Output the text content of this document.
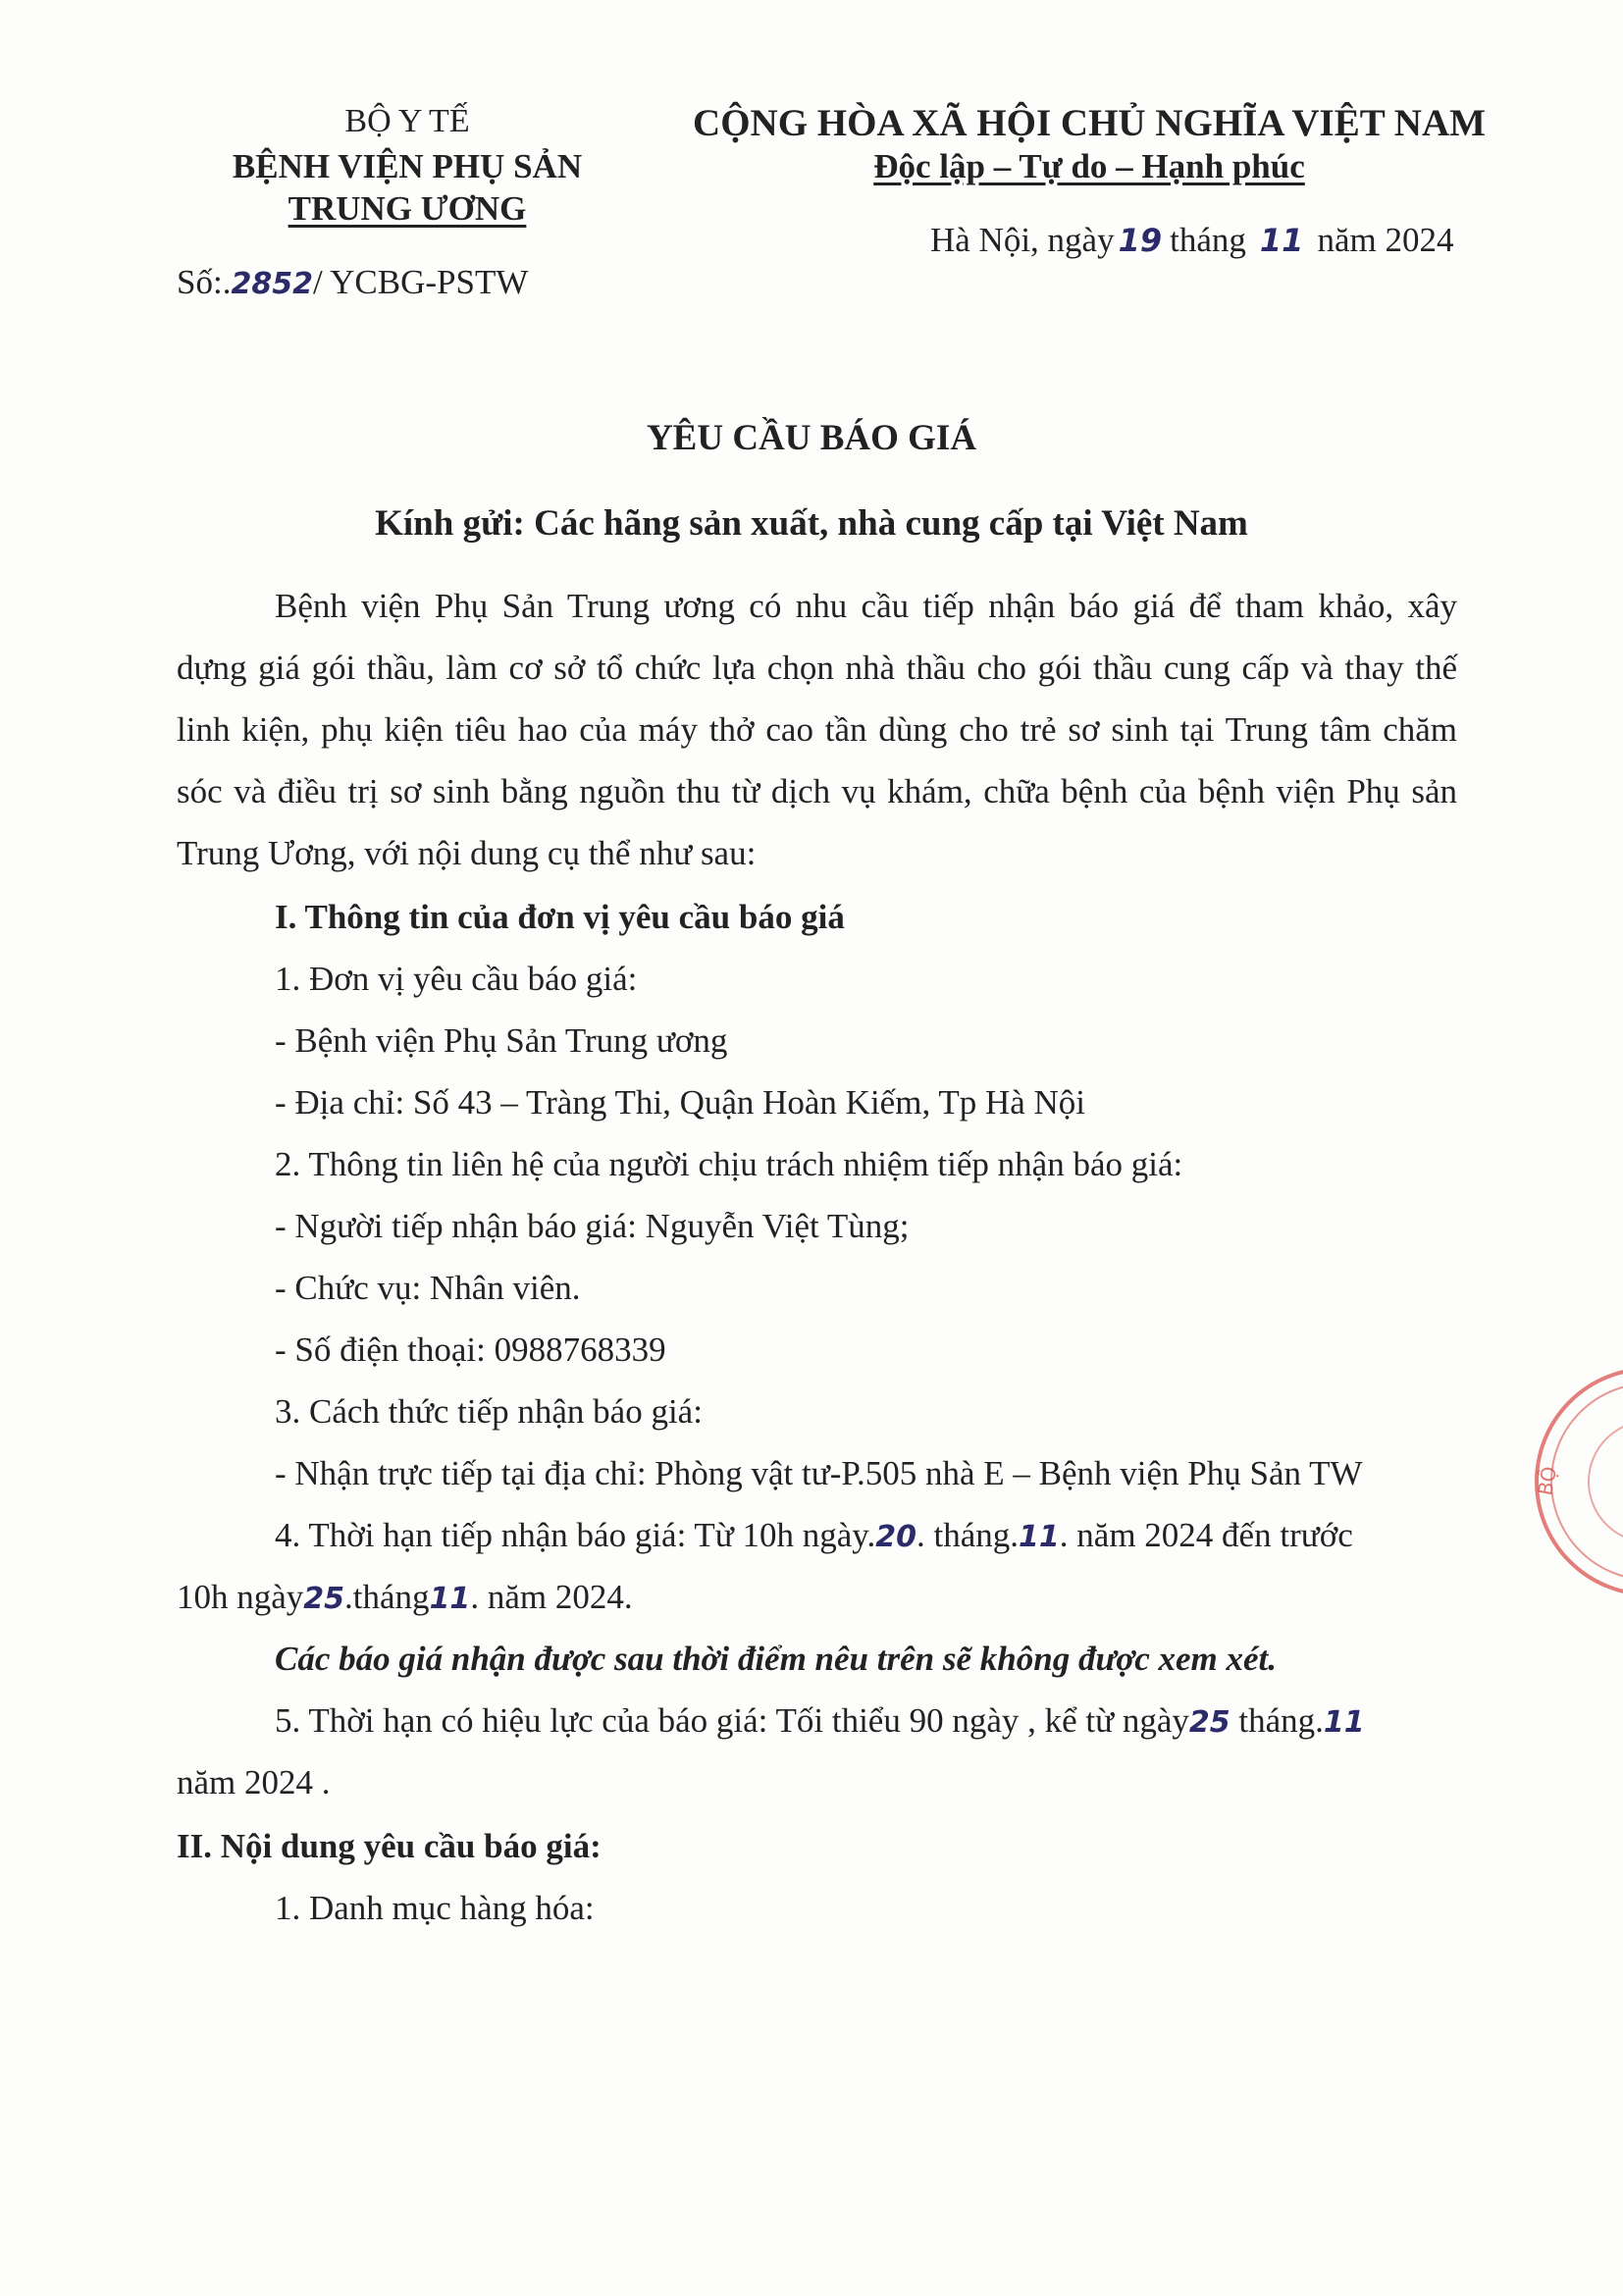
BỘ Y TẾ
BỆNH VIỆN PHỤ SẢN
TRUNG ƯƠNG
Số:.2852/ YCBG-PSTW
CỘNG HÒA XÃ HỘI CHỦ NGHĨA VIỆT NAM
Độc lập – Tự do – Hạnh phúc
Hà Nội, ngày 19 tháng 11 năm 2024
YÊU CẦU BÁO GIÁ
Kính gửi: Các hãng sản xuất, nhà cung cấp tại Việt Nam
Bệnh viện Phụ Sản Trung ương có nhu cầu tiếp nhận báo giá để tham khảo, xây
dựng giá gói thầu, làm cơ sở tổ chức lựa chọn nhà thầu cho gói thầu cung cấp và thay thế
linh kiện, phụ kiện tiêu hao của máy thở cao tần dùng cho trẻ sơ sinh tại Trung tâm chăm
sóc và điều trị sơ sinh bằng nguồn thu từ dịch vụ khám, chữa bệnh của bệnh viện Phụ sản
Trung Ương, với nội dung cụ thể như sau:
I. Thông tin của đơn vị yêu cầu báo giá
1. Đơn vị yêu cầu báo giá:
- Bệnh viện Phụ Sản Trung ương
- Địa chỉ: Số 43 – Tràng Thi, Quận Hoàn Kiếm, Tp Hà Nội
2. Thông tin liên hệ của người chịu trách nhiệm tiếp nhận báo giá:
- Người tiếp nhận báo giá: Nguyễn Việt Tùng;
- Chức vụ: Nhân viên.
- Số điện thoại: 0988768339
3. Cách thức tiếp nhận báo giá:
- Nhận trực tiếp tại địa chỉ: Phòng vật tư-P.505 nhà E – Bệnh viện Phụ Sản TW
4. Thời hạn tiếp nhận báo giá: Từ 10h ngày.20. tháng.11. năm 2024 đến trước
10h ngày25.tháng11. năm 2024.
Các báo giá nhận được sau thời điểm nêu trên sẽ không được xem xét.
5. Thời hạn có hiệu lực của báo giá: Tối thiểu 90 ngày , kể từ ngày25 tháng.11
năm 2024 .
II. Nội dung yêu cầu báo giá:
1. Danh mục hàng hóa:
BỘ
